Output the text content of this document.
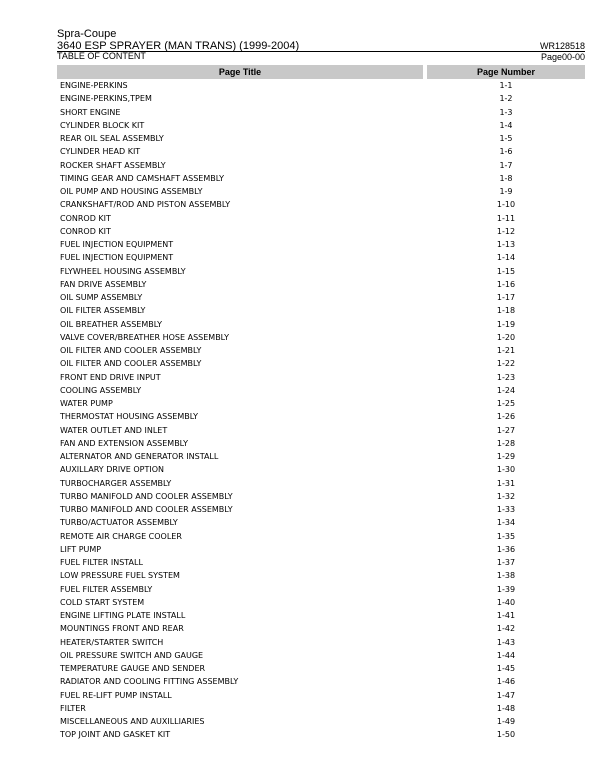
Spra-Coupe
3640 ESP SPRAYER (MAN TRANS) (1999-2004)
TABLE OF CONTENT
WR128518
Page00-00
Page Title	Page Number
ENGINE-PERKINS	1-1
ENGINE-PERKINS,TPEM	1-2
SHORT ENGINE	1-3
CYLINDER BLOCK KIT	1-4
REAR OIL SEAL ASSEMBLY	1-5
CYLINDER HEAD KIT	1-6
ROCKER SHAFT ASSEMBLY	1-7
TIMING GEAR AND CAMSHAFT ASSEMBLY	1-8
OIL PUMP AND HOUSING ASSEMBLY	1-9
CRANKSHAFT/ROD AND PISTON ASSEMBLY	1-10
CONROD KIT	1-11
CONROD KIT	1-12
FUEL INJECTION EQUIPMENT	1-13
FUEL INJECTION EQUIPMENT	1-14
FLYWHEEL HOUSING ASSEMBLY	1-15
FAN DRIVE ASSEMBLY	1-16
OIL SUMP ASSEMBLY	1-17
OIL FILTER ASSEMBLY	1-18
OIL BREATHER ASSEMBLY	1-19
VALVE COVER/BREATHER HOSE ASSEMBLY	1-20
OIL FILTER AND COOLER ASSEMBLY	1-21
OIL FILTER AND COOLER ASSEMBLY	1-22
FRONT END DRIVE INPUT	1-23
COOLING ASSEMBLY	1-24
WATER PUMP	1-25
THERMOSTAT HOUSING ASSEMBLY	1-26
WATER OUTLET AND INLET	1-27
FAN AND EXTENSION ASSEMBLY	1-28
ALTERNATOR AND GENERATOR INSTALL	1-29
AUXILLARY DRIVE OPTION	1-30
TURBOCHARGER ASSEMBLY	1-31
TURBO MANIFOLD AND COOLER ASSEMBLY	1-32
TURBO MANIFOLD AND COOLER ASSEMBLY	1-33
TURBO/ACTUATOR ASSEMBLY	1-34
REMOTE AIR CHARGE COOLER	1-35
LIFT PUMP	1-36
FUEL FILTER INSTALL	1-37
LOW PRESSURE FUEL SYSTEM	1-38
FUEL FILTER ASSEMBLY	1-39
COLD START SYSTEM	1-40
ENGINE LIFTING PLATE INSTALL	1-41
MOUNTINGS FRONT AND REAR	1-42
HEATER/STARTER SWITCH	1-43
OIL PRESSURE SWITCH AND GAUGE	1-44
TEMPERATURE GAUGE AND SENDER	1-45
RADIATOR AND COOLING FITTING ASSEMBLY	1-46
FUEL RE-LIFT PUMP INSTALL	1-47
FILTER	1-48
MISCELLANEOUS AND AUXILLIARIES	1-49
TOP JOINT AND GASKET KIT	1-50
